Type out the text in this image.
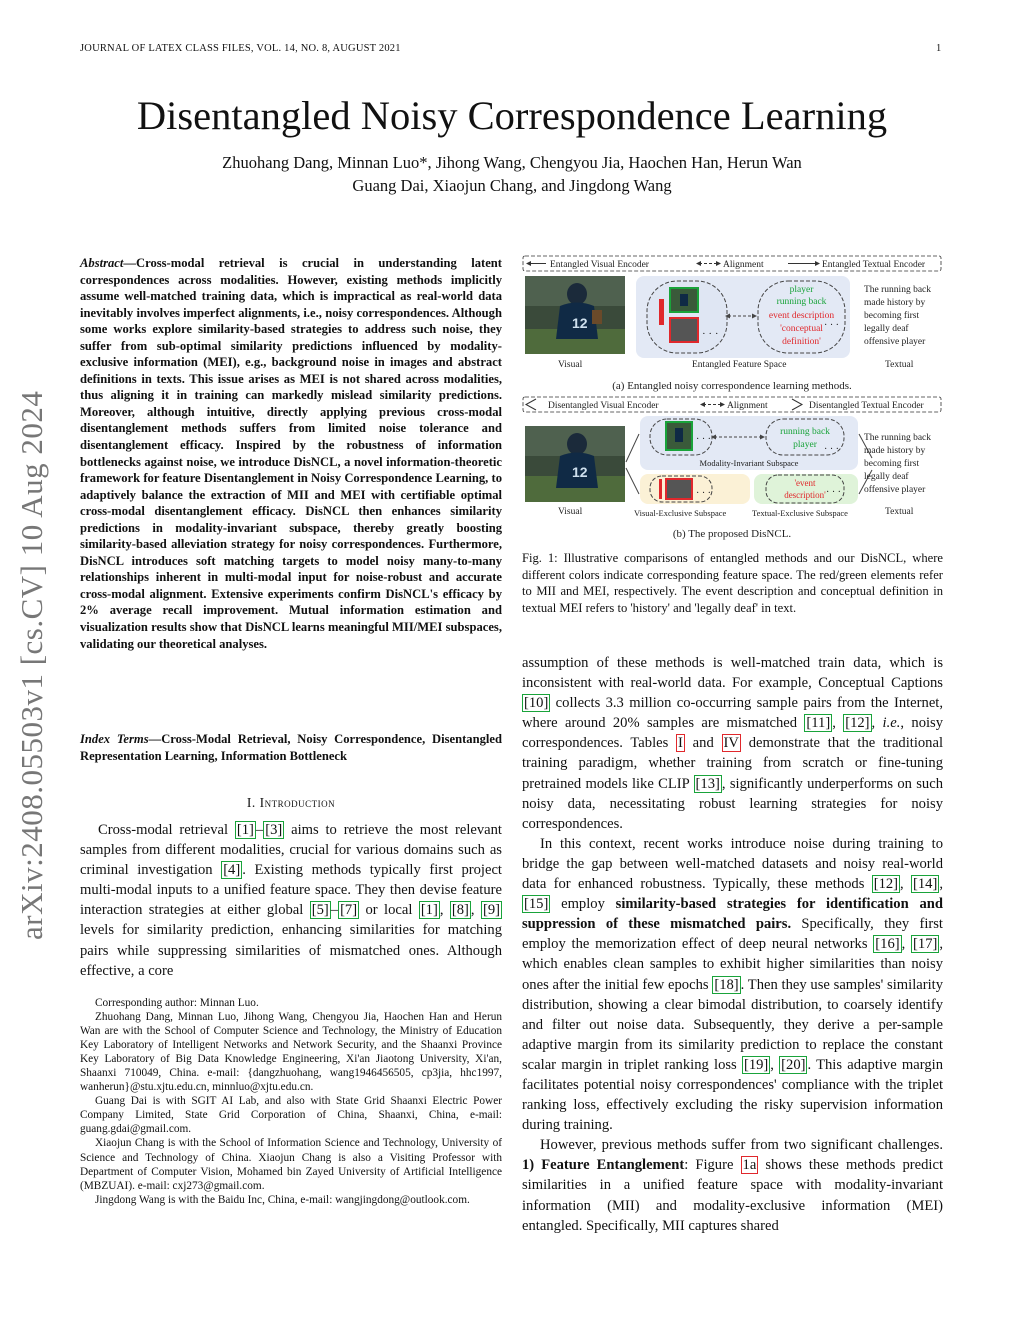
JOURNAL OF LATEX CLASS FILES, VOL. 14, NO. 8, AUGUST 2021	1
arXiv:2408.05503v1 [cs.CV] 10 Aug 2024
Disentangled Noisy Correspondence Learning
Zhuohang Dang, Minnan Luo*, Jihong Wang, Chengyou Jia, Haochen Han, Herun Wan
Guang Dai, Xiaojun Chang, and Jingdong Wang
Abstract—Cross-modal retrieval is crucial in understanding latent correspondences across modalities. However, existing methods implicitly assume well-matched training data, which is impractical as real-world data inevitably involves imperfect alignments, i.e., noisy correspondences. Although some works explore similarity-based strategies to address such noise, they suffer from sub-optimal similarity predictions influenced by modality-exclusive information (MEI), e.g., background noise in images and abstract definitions in texts. This issue arises as MEI is not shared across modalities, thus aligning it in training can markedly mislead similarity predictions. Moreover, although intuitive, directly applying previous cross-modal disentanglement methods suffers from limited noise tolerance and disentanglement efficacy. Inspired by the robustness of information bottlenecks against noise, we introduce DisNCL, a novel information-theoretic framework for feature Disentanglement in Noisy Correspondence Learning, to adaptively balance the extraction of MII and MEI with certifiable optimal cross-modal disentanglement efficacy. DisNCL then enhances similarity predictions in modality-invariant subspace, thereby greatly boosting similarity-based alleviation strategy for noisy correspondences. Furthermore, DisNCL introduces soft matching targets to model noisy many-to-many relationships inherent in multi-modal input for noise-robust and accurate cross-modal alignment. Extensive experiments confirm DisNCL's efficacy by 2% average recall improvement. Mutual information estimation and visualization results show that DisNCL learns meaningful MII/MEI subspaces, validating our theoretical analyses.
Index Terms—Cross-Modal Retrieval, Noisy Correspondence, Disentangled Representation Learning, Information Bottleneck
I. Introduction

Cross-modal retrieval [1] – [3] aims to retrieve the most relevant samples from different modalities, crucial for various domains such as criminal investigation [4] . Existing methods typically first project multi-modal inputs to a unified feature space. They then devise feature interaction strategies at either global [5] – [7] or local [1] , [8] , [9] levels for similarity prediction, enhancing similarities for matching pairs while suppressing similarities of mismatched ones. Although effective, a core

Corresponding author: Minnan Luo.

Zhuohang Dang, Minnan Luo, Jihong Wang, Chengyou Jia, Haochen Han and Herun Wan are with the School of Computer Science and Technology, the Ministry of Education Key Laboratory of Intelligent Networks and Network Security, and the Shaanxi Province Key Laboratory of Big Data Knowledge Engineering, Xi'an Jiaotong University, Xi'an, Shaanxi 710049, China. e-mail: {dangzhuohang, wang1946456505, cp3jia, hhc1997, wanherun}@stu.xjtu.edu.cn, minnluo@xjtu.edu.cn.

Guang Dai is with SGIT AI Lab, and also with State Grid Shaanxi Electric Power Company Limited, State Grid Corporation of China, Shaanxi, China, e-mail: guang.gdai@gmail.com.

Xiaojun Chang is with the School of Information Science and Technology, University of Science and Technology of China. Xiaojun Chang is also a Visiting Professor with Department of Computer Vision, Mohamed bin Zayed University of Artificial Intelligence (MBZUAI). e-mail: cxj273@gmail.com.

Jingdong Wang is with the Baidu Inc, China, e-mail: wangjingdong@outlook.com.

Entangled Visual Encoder	Alignment	Entangled Textual Encoder
12
Visual
· · ·
player
running back
event description
'conceptual
definition'
· · ·
Entangled Feature Space
The running back
made history by
becoming first
legally deaf
offensive player
Textual
(a) Entangled noisy correspondence learning methods.
Disentangled Visual Encoder	Alignment	Disentangled Textual Encoder
12
Visual
· · ·
running back
player · · ·
Modality-Invariant Subspace
· · ·
'event
description' · · ·
Visual-Exclusive Subspace	Textual-Exclusive Subspace
The running back
made history by
becoming first
legally deaf
offensive player
Textual
(b) The proposed DisNCL.
Fig. 1: Illustrative comparisons of entangled methods and our DisNCL, where different colors indicate corresponding feature space. The red/green elements refer to MII and MEI, respectively. The event description and conceptual definition in textual MEI refers to 'history' and 'legally deaf' in text.

assumption of these methods is well-matched train data, which is inconsistent with real-world data. For example, Conceptual Captions [10] collects 3.3 million co-occurring sample pairs from the Internet, where around 20% samples are mismatched [11] , [12] , i.e., noisy correspondences. Tables I and IV demonstrate that the traditional training paradigm, whether training from scratch or fine-tuning pretrained models like CLIP [13] , significantly underperforms on such noisy data, necessitating robust learning strategies for noisy correspondences.

In this context, recent works introduce noise during training to bridge the gap between well-matched datasets and noisy real-world data for enhanced robustness. Typically, these methods [12] , [14] , [15] employ similarity-based strategies for identification and suppression of these mismatched pairs. Specifically, they first employ the memorization effect of deep neural networks [16] , [17] , which enables clean samples to exhibit higher similarities than noisy ones after the initial few epochs [18] . Then they use samples' similarity distribution, showing a clear bimodal distribution, to coarsely identify and filter out noise data. Subsequently, they derive a per-sample adaptive margin from its similarity prediction to replace the constant scalar margin in triplet ranking loss [19] , [20] . This adaptive margin facilitates potential noisy correspondences' compliance with the triplet ranking loss, effectively excluding the risky supervision information during training.

However, previous methods suffer from two significant challenges. 1) Feature Entanglement: Figure 1a shows these methods predict similarities in a unified feature space with modality-invariant information (MII) and modality-exclusive information (MEI) entangled. Specifically, MII captures shared
